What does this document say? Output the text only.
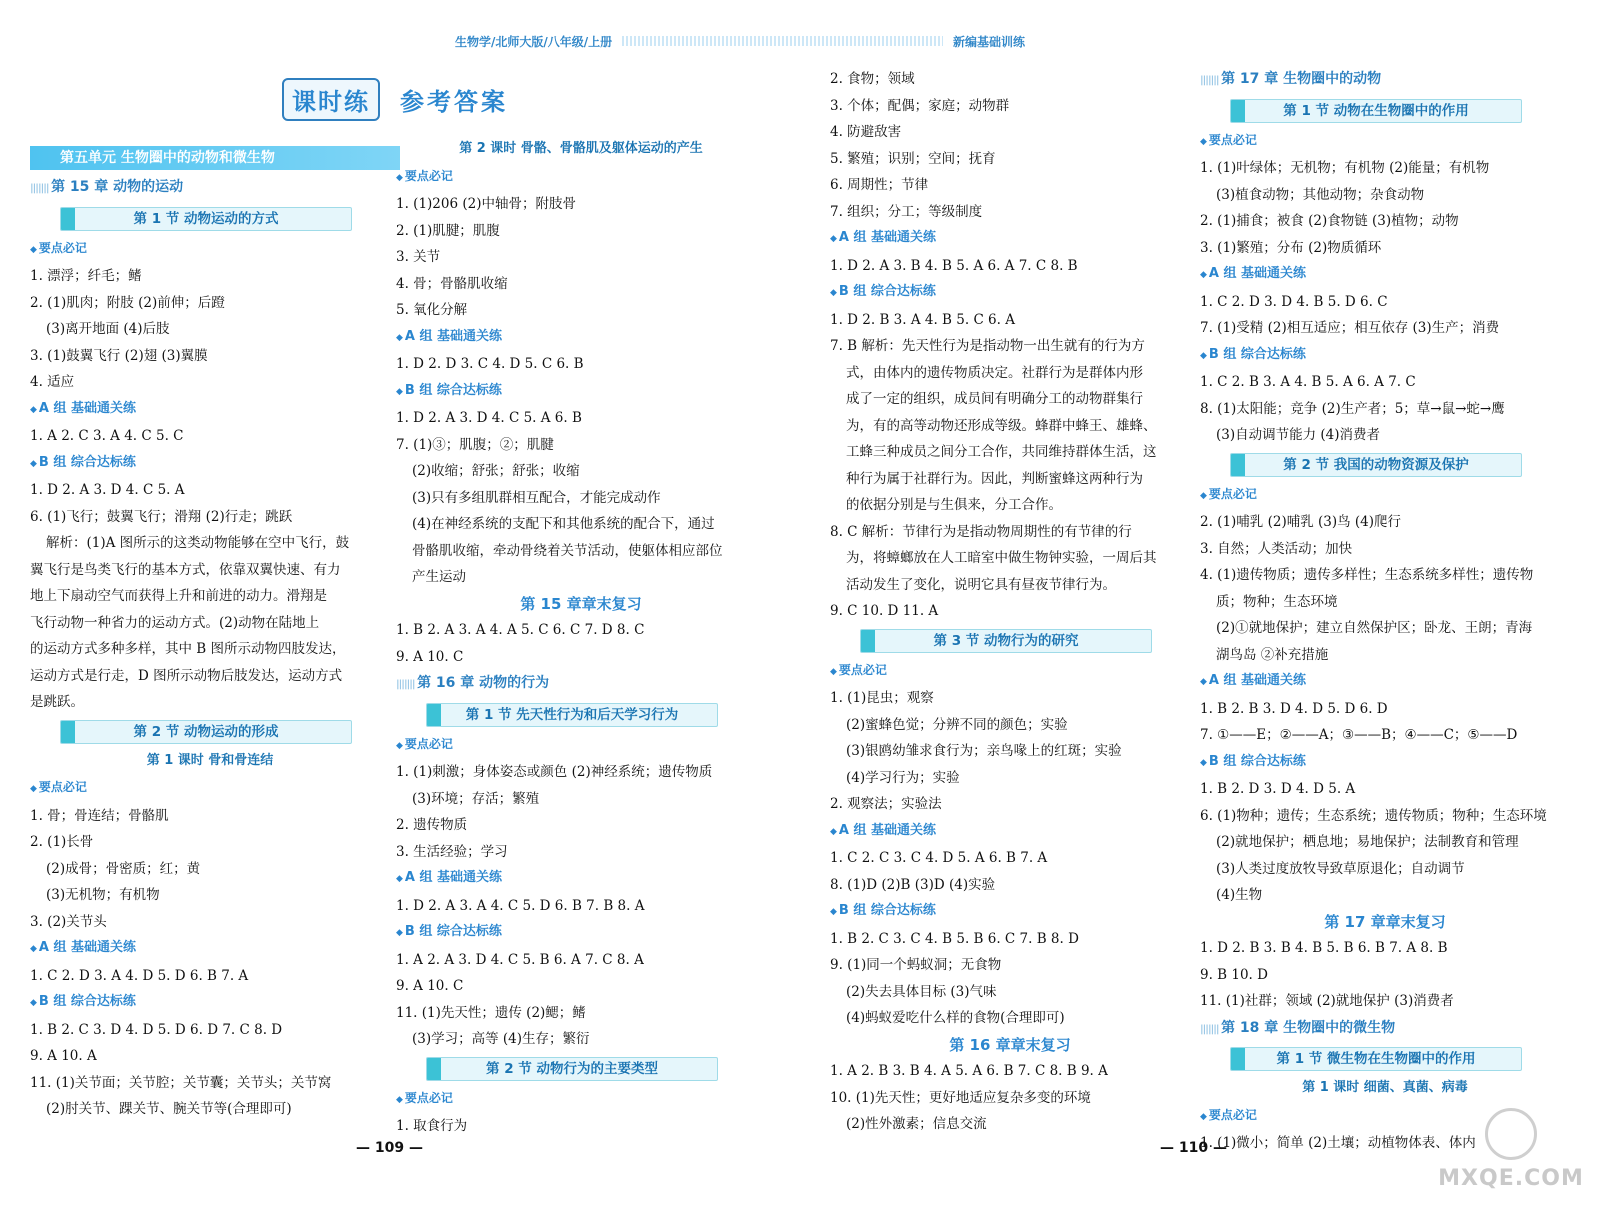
生物学/北师大版/八年级/上册	新编基础训练
课时练	参考答案
第五单元 生物圈中的动物和微生物
||||||| 第 15 章 动物的运动
第 1 节 动物运动的方式
◆ 要点必记
1. 漂浮；纤毛；鳍
2. (1)肌肉；附肢 (2)前伸；后蹬
(3)离开地面 (4)后肢
3. (1)鼓翼飞行 (2)翅 (3)翼膜
4. 适应
◆ A 组 基础通关练
1. A 2. C 3. A 4. C 5. C
◆ B 组 综合达标练
1. D 2. A 3. D 4. C 5. A
6. (1)飞行；鼓翼飞行；滑翔 (2)行走；跳跃
解析：(1)A 图所示的这类动物能够在空中飞行，鼓
翼飞行是鸟类飞行的基本方式，依靠双翼快速、有力
地上下扇动空气而获得上升和前进的动力。滑翔是
飞行动物一种省力的运动方式。(2)动物在陆地上
的运动方式多种多样，其中 B 图所示动物四肢发达，
运动方式是行走，D 图所示动物后肢发达，运动方式
是跳跃。
第 2 节 动物运动的形成
第 1 课时 骨和骨连结
◆ 要点必记
1. 骨；骨连结；骨骼肌
2. (1)长骨
(2)成骨；骨密质；红；黄
(3)无机物；有机物
3. (2)关节头
◆ A 组 基础通关练
1. C 2. D 3. A 4. D 5. D 6. B 7. A
◆ B 组 综合达标练
1. B 2. C 3. D 4. D 5. D 6. D 7. C 8. D
9. A 10. A
11. (1)关节面；关节腔；关节囊；关节头；关节窝
(2)肘关节、踝关节、腕关节等(合理即可)
第 2 课时 骨骼、骨骼肌及躯体运动的产生
◆ 要点必记
1. (1)206 (2)中轴骨；附肢骨
2. (1)肌腱；肌腹
3. 关节
4. 骨；骨骼肌收缩
5. 氧化分解
◆ A 组 基础通关练
1. D 2. D 3. C 4. D 5. C 6. B
◆ B 组 综合达标练
1. D 2. A 3. D 4. C 5. A 6. B
7. (1)③；肌腹；②；肌腱
(2)收缩；舒张；舒张；收缩
(3)只有多组肌群相互配合，才能完成动作
(4)在神经系统的支配下和其他系统的配合下，通过
骨骼肌收缩，牵动骨绕着关节活动，使躯体相应部位
产生运动
第 15 章章末复习
1. B 2. A 3. A 4. A 5. C 6. C 7. D 8. C
9. A 10. C
||||||| 第 16 章 动物的行为
第 1 节 先天性行为和后天学习行为
◆ 要点必记
1. (1)刺激；身体姿态或颜色 (2)神经系统；遗传物质
(3)环境；存活；繁殖
2. 遗传物质
3. 生活经验；学习
◆ A 组 基础通关练
1. D 2. A 3. A 4. C 5. D 6. B 7. B 8. A
◆ B 组 综合达标练
1. A 2. A 3. D 4. C 5. B 6. A 7. C 8. A
9. A 10. C
11. (1)先天性；遗传 (2)鳃；鳍
(3)学习；高等 (4)生存；繁衍
第 2 节 动物行为的主要类型
◆ 要点必记
1. 取食行为
2. 食物；领域
3. 个体；配偶；家庭；动物群
4. 防避敌害
5. 繁殖；识别；空间；抚育
6. 周期性；节律
7. 组织；分工；等级制度
◆ A 组 基础通关练
1. D 2. A 3. B 4. B 5. A 6. A 7. C 8. B
◆ B 组 综合达标练
1. D 2. B 3. A 4. B 5. C 6. A
7. B 解析：先天性行为是指动物一出生就有的行为方
式，由体内的遗传物质决定。社群行为是群体内形
成了一定的组织，成员间有明确分工的动物群集行
为，有的高等动物还形成等级。蜂群中蜂王、雄蜂、
工蜂三种成员之间分工合作，共同维持群体生活，这
种行为属于社群行为。因此，判断蜜蜂这两种行为
的依据分别是与生俱来，分工合作。
8. C 解析：节律行为是指动物周期性的有节律的行
为，将蟑螂放在人工暗室中做生物钟实验，一周后其
活动发生了变化，说明它具有昼夜节律行为。
9. C 10. D 11. A
第 3 节 动物行为的研究
◆ 要点必记
1. (1)昆虫；观察
(2)蜜蜂色觉；分辨不同的颜色；实验
(3)银鸥幼雏求食行为；亲鸟喙上的红斑；实验
(4)学习行为；实验
2. 观察法；实验法
◆ A 组 基础通关练
1. C 2. C 3. C 4. D 5. A 6. B 7. A
8. (1)D (2)B (3)D (4)实验
◆ B 组 综合达标练
1. B 2. C 3. C 4. B 5. B 6. C 7. B 8. D
9. (1)同一个蚂蚁洞；无食物
(2)失去具体目标 (3)气味
(4)蚂蚁爱吃什么样的食物(合理即可)
第 16 章章末复习
1. A 2. B 3. B 4. A 5. A 6. B 7. C 8. B 9. A
10. (1)先天性；更好地适应复杂多变的环境
(2)性外激素；信息交流
||||||| 第 17 章 生物圈中的动物
第 1 节 动物在生物圈中的作用
◆ 要点必记
1. (1)叶绿体；无机物；有机物 (2)能量；有机物
(3)植食动物；其他动物；杂食动物
2. (1)捕食；被食 (2)食物链 (3)植物；动物
3. (1)繁殖；分布 (2)物质循环
◆ A 组 基础通关练
1. C 2. D 3. D 4. B 5. D 6. C
7. (1)受精 (2)相互适应；相互依存 (3)生产；消费
◆ B 组 综合达标练
1. C 2. B 3. A 4. B 5. A 6. A 7. C
8. (1)太阳能；竞争 (2)生产者；5；草→鼠→蛇→鹰
(3)自动调节能力 (4)消费者
第 2 节 我国的动物资源及保护
◆ 要点必记
2. (1)哺乳 (2)哺乳 (3)鸟 (4)爬行
3. 自然；人类活动；加快
4. (1)遗传物质；遗传多样性；生态系统多样性；遗传物
质；物种；生态环境
(2)①就地保护；建立自然保护区；卧龙、王朗；青海
湖鸟岛 ②补充措施
◆ A 组 基础通关练
1. B 2. B 3. D 4. D 5. D 6. D
7. ①——E；②——A；③——B；④——C；⑤——D
◆ B 组 综合达标练
1. B 2. D 3. D 4. D 5. A
6. (1)物种；遗传；生态系统；遗传物质；物种；生态环境
(2)就地保护；栖息地；易地保护；法制教育和管理
(3)人类过度放牧导致草原退化；自动调节
(4)生物
第 17 章章末复习
1. D 2. B 3. B 4. B 5. B 6. B 7. A 8. B
9. B 10. D
11. (1)社群；领域 (2)就地保护 (3)消费者
||||||| 第 18 章 生物圈中的微生物
第 1 节 微生物在生物圈中的作用
第 1 课时 细菌、真菌、病毒
◆ 要点必记
1. (1)微小；简单 (2)土壤；动植物体表、体内
— 109 —	— 110 —
MXQE.COM
